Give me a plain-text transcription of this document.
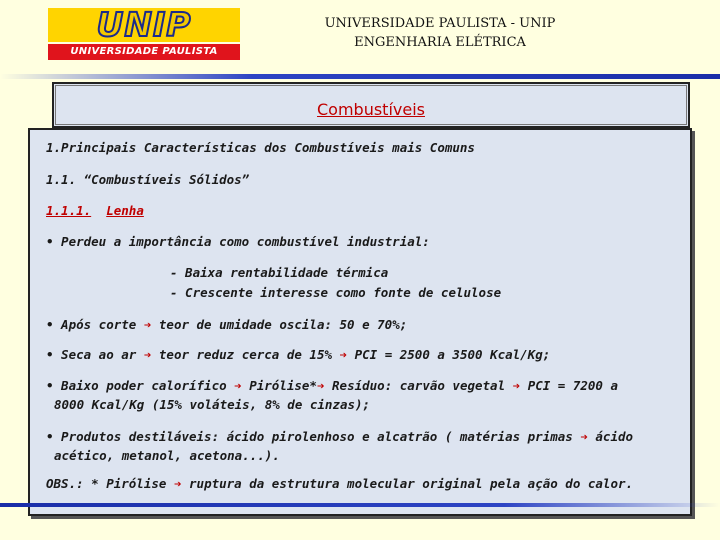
UNIP
UNIVERSIDADE PAULISTA
UNIVERSIDADE PAULISTA - UNIP
ENGENHARIA ELÉTRICA
Combustíveis
1.Principais Características dos Combustíveis mais Comuns
1.1. “Combustíveis Sólidos”
1.1.1. Lenha
• Perdeu a importância como combustível industrial:
- Baixa rentabilidade térmica
- Crescente interesse como fonte de celulose
• Após corte ➔ teor de umidade oscila: 50 e 70%;
• Seca ao ar ➔ teor reduz cerca de 15% ➔ PCI = 2500 a 3500 Kcal/Kg;
• Baixo poder calorífico ➔ Pirólise*➔ Resíduo: carvão vegetal ➔ PCI = 7200 a
8000 Kcal/Kg (15% voláteis, 8% de cinzas);
• Produtos destiláveis: ácido pirolenhoso e alcatrão ( matérias primas ➔ ácido
acético, metanol, acetona...).
OBS.: * Pirólise ➔ ruptura da estrutura molecular original pela ação do calor.
